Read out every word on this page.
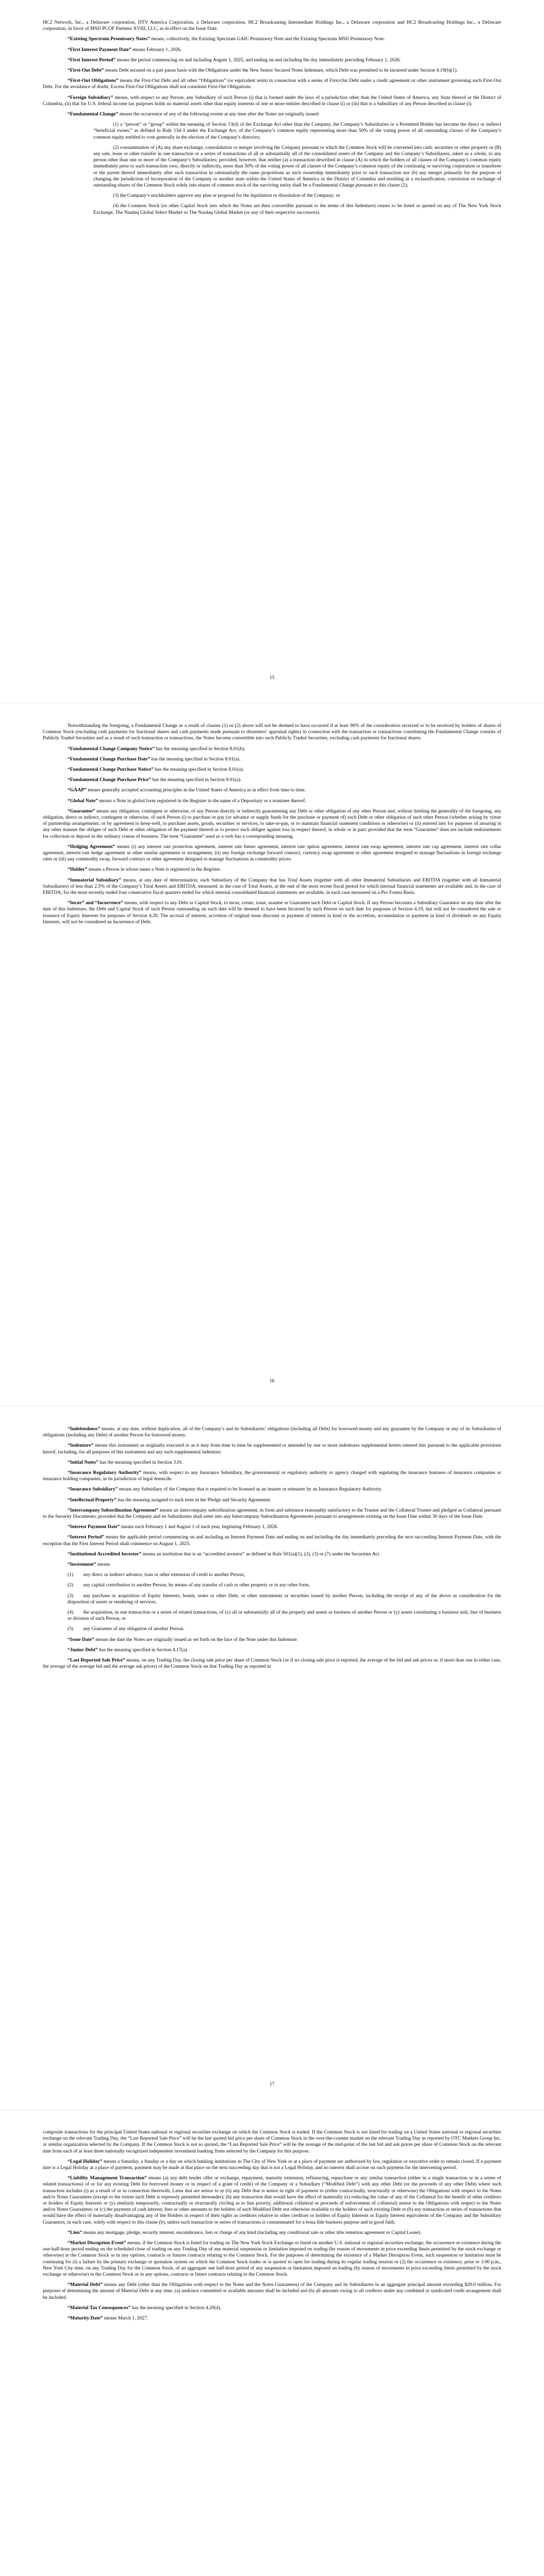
HC2 Network, Inc., a Delaware corporation, DTV America Corporation, a Delaware corporation, HC2 Broadcasting Intermediate Holdings Inc., a Delaware corporation and HC2 Broadcasting Holdings Inc., a Delaware corporation, in favor of MSD PCOF Partners XVIII, LLC, as in effect on the Issue Date.

“Existing Spectrum Promissory Notes” means, collectively, the Existing Spectrum GAIC Promissory Note and the Existing Spectrum MSD Promissory Note.

“First Interest Payment Date” means February 1, 2026.

“First Interest Period” means the period commencing on and including August 1, 2025, and ending on and including the day immediately preceding February 1, 2026.

“First-Out Debt” means Debt secured on a pari passu basis with the Obligations under the New Senior Secured Notes Indenture, which Debt was permitted to be incurred under Section 4.19(b)(1).

“First-Out Obligations” means the First-Out Debt and all other “Obligations” (or equivalent term) in connection with a series of First-Out Debt under a credit agreement or other instrument governing such First-Out Debt. For the avoidance of doubt, Excess First-Out Obligations shall not constitute First-Out Obligations.

“Foreign Subsidiary” means, with respect to any Person, any Subsidiary of such Person (i) that is formed under the laws of a jurisdiction other than the United States of America, any State thereof or the District of Columbia, (ii) that for U.S. federal income tax purposes holds no material assets other than equity interests of one or more entities described in clause (i) or (iii) that is a Subsidiary of any Person described in clause (i).

“Fundamental Change” means the occurrence of any of the following events at any time after the Notes are originally issued:

(1) a “person” or “group” within the meaning of Section 13(d) of the Exchange Act other than the Company, the Company’s Subsidiaries or a Permitted Holder has become the direct or indirect “beneficial owner,” as defined in Rule 13d-3 under the Exchange Act, of the Company’s common equity representing more than 50% of the voting power of all outstanding classes of the Company’s common equity entitled to vote generally in the election of the Company’s directors;

(2) consummation of (A) any share exchange, consolidation or merger involving the Company pursuant to which the Common Stock will be converted into cash, securities or other property or (B) any sale, lease or other transfer in one transaction or a series of transactions of all or substantially all of the consolidated assets of the Company and the Company’s Subsidiaries, taken as a whole, to any person other than one or more of the Company’s Subsidiaries; provided, however, that neither (a) a transaction described in clause (A) in which the holders of all classes of the Company’s common equity immediately prior to such transaction own, directly or indirectly, more than 50% of the voting power of all classes of the Company’s common equity of the continuing or surviving corporation or transferee or the parent thereof immediately after such transaction in substantially the same proportions as such ownership immediately prior to such transaction nor (b) any merger primarily for the purpose of changing the jurisdiction of incorporation of the Company to another state within the United States of America or the District of Columbia and resulting in a reclassification, conversion or exchange of outstanding shares of the Common Stock solely into shares of common stock of the surviving entity shall be a Fundamental Change pursuant to this clause (2);

(3) the Company’s stockholders approve any plan or proposal for the liquidation or dissolution of the Company; or

(4) the Common Stock (or other Capital Stock into which the Notes are then convertible pursuant to the terms of this Indenture) ceases to be listed or quoted on any of The New York Stock Exchange, The Nasdaq Global Select Market or The Nasdaq Global Market (or any of their respective successors).

15

Notwithstanding the foregoing, a Fundamental Change as a result of clauses (1) or (2) above will not be deemed to have occurred if at least 90% of the consideration received or to be received by holders of shares of Common Stock (excluding cash payments for fractional shares and cash payments made pursuant to dissenters’ appraisal rights) in connection with the transaction or transactions constituting the Fundamental Change consists of Publicly Traded Securities and as a result of such transaction or transactions, the Notes become convertible into such Publicly Traded Securities, excluding cash payments for fractional shares.

“Fundamental Change Company Notice” has the meaning specified in Section 8.01(b).

“Fundamental Change Purchase Date” has the meaning specified in Section 8.01(a).

“Fundamental Change Purchase Notice” has the meaning specified in Section 8.01(a).

“Fundamental Change Purchase Price” has the meaning specified in Section 8.01(a).

“GAAP” means generally accepted accounting principles in the United States of America as in effect from time to time.

“Global Note” means a Note in global form registered in the Register in the name of a Depositary or a nominee thereof.

“Guarantee” means any obligation, contingent or otherwise, of any Person directly or indirectly guaranteeing any Debt or other obligation of any other Person and, without limiting the generality of the foregoing, any obligation, direct or indirect, contingent or otherwise, of such Person (i) to purchase or pay (or advance or supply funds for the purchase or payment of) such Debt or other obligation of such other Person (whether arising by virtue of partnership arrangements, or by agreement to keep-well, to purchase assets, goods, securities or services, to take-or-pay, or to maintain financial statement conditions or otherwise) or (ii) entered into for purposes of assuring in any other manner the obligee of such Debt or other obligation of the payment thereof or to protect such obligee against loss in respect thereof, in whole or in part; provided that the term “Guarantee” does not include endorsements for collection or deposit in the ordinary course of business. The term “Guarantee” used as a verb has a corresponding meaning.

“Hedging Agreement” means (i) any interest rate protection agreement, interest rate future agreement, interest rate option agreement, interest rate swap agreement, interest rate cap agreement, interest rate collar agreement, interest rate hedge agreement or other similar agreement or arrangement, (ii) any foreign exchange forward contract, currency swap agreement or other agreement designed to manage fluctuations in foreign exchange rates or (iii) any commodity swap, forward contract or other agreement designed to manage fluctuations in commodity prices.

“Holder” means a Person in whose name a Note is registered in the Register.

“Immaterial Subsidiary” means, at any date of determination, each Subsidiary of the Company that has Total Assets (together with all other Immaterial Subsidiaries and EBITDA (together with all Immaterial Subsidiaries) of less than 2.5% of the Company’s Total Assets and EBITDA, measured, in the case of Total Assets, at the end of the most recent fiscal period for which internal financial statements are available and, in the case of EBITDA, for the most recently ended four consecutive fiscal quarters ended for which internal consolidated financial statements are available, in each case measured on a Pro Forma Basis.

“Incur” and “Incurrence” means, with respect to any Debt or Capital Stock, to incur, create, issue, assume or Guarantee such Debt or Capital Stock. If any Person becomes a Subsidiary Guarantor on any date after the date of this Indenture, the Debt and Capital Stock of such Person outstanding on such date will be deemed to have been Incurred by such Person on such date for purposes of Section 4.19, but will not be considered the sale or issuance of Equity Interests for purposes of Section 4.20. The accrual of interest, accretion of original issue discount or payment of interest in kind or the accretion, accumulation or payment in kind of dividends on any Equity Interests, will not be considered an Incurrence of Debt.

16

“Indebtedness” means, at any date, without duplication, all of the Company’s and its Subsidiaries’ obligations (including all Debt) for borrowed money and any guarantee by the Company or any of its Subsidiaries of obligations (including any Debt) of another Person for borrowed money.

“Indenture” means this instrument as originally executed or as it may from time to time be supplemented or amended by one or more indentures supplemental hereto entered into pursuant to the applicable provisions hereof, including, for all purposes of this instrument and any such supplemental indenture.

“Initial Notes” has the meaning specified in Section 3.01.

“Insurance Regulatory Authority” means, with respect to any Insurance Subsidiary, the governmental or regulatory authority or agency charged with regulating the insurance business of insurance companies or insurance holding companies, in its jurisdiction of legal domicile.

“Insurance Subsidiary” means any Subsidiary of the Company that is required to be licensed as an insurer or reinsurer by an Insurance Regulatory Authority.

“Intellectual Property” has the meaning assigned to such term in the Pledge and Security Agreement.

“Intercompany Subordination Agreement” means an intercompany subordination agreement, in form and substance reasonably satisfactory to the Trustee and the Collateral Trustee and pledged as Collateral pursuant to the Security Documents; provided that the Company and its Subsidiaries shall enter into any Intercompany Subordination Agreements pursuant to arrangements existing on the Issue Date within 30 days of the Issue Date.

“Interest Payment Date” means each February 1 and August 1 of each year, beginning February 1, 2026.

“Interest Period” means the applicable period commencing on and including an Interest Payment Date and ending on and including the day immediately preceding the next succeeding Interest Payment Date, with the exception that the First Interest Period shall commence on August 1, 2025.

“Institutional Accredited Investor” means an institution that is an “accredited investor” as defined in Rule 501(a)(1), (2), (3) or (7) under the Securities Act.

“Investment” means

(1)  any direct or indirect advance, loan or other extension of credit to another Person,

(2)  any capital contribution to another Person, by means of any transfer of cash or other property or in any other form,

(3)  any purchase or acquisition of Equity Interests, bonds, notes or other Debt, or other instruments or securities issued by another Person, including the receipt of any of the above as consideration for the disposition of assets or rendering of services,

(4)  the acquisition, in one transaction or a series of related transactions, of (x) all or substantially all of the property and assets or business of another Person or (y) assets constituting a business unit, line of business or division of such Person, or

(5)  any Guarantee of any obligation of another Person.

“Issue Date” means the date the Notes are originally issued as set forth on the face of the Note under this Indenture.

“Junior Debt” has the meaning specified in Section 4.17(a).

“Last Reported Sale Price” means, on any Trading Day, the closing sale price per share of Common Stock (or if no closing sale price is reported, the average of the bid and ask prices or, if more than one in either case, the average of the average bid and the average ask prices) of the Common Stock on that Trading Day as reported in

17

composite transactions for the principal United States national or regional securities exchange on which the Common Stock is traded. If the Common Stock is not listed for trading on a United States national or regional securities exchange on the relevant Trading Day, the “Last Reported Sale Price” will be the last quoted bid price per share of Common Stock in the over-the-counter market on the relevant Trading Day as reported by OTC Markets Group Inc. or similar organization selected by the Company. If the Common Stock is not so quoted, the “Last Reported Sale Price” will be the average of the mid-point of the last bid and ask prices per share of Common Stock on the relevant date from each of at least three nationally recognized independent investment banking firms selected by the Company for this purpose.

“Legal Holiday” means a Saturday, a Sunday or a day on which banking institutions in The City of New York or at a place of payment are authorized by law, regulation or executive order to remain closed. If a payment date is a Legal Holiday at a place of payment, payment may be made at that place on the next succeeding day that is not a Legal Holiday, and no interest shall accrue on such payment for the intervening period.

“Liability Management Transaction” means (a) any debt tender offer or exchange, repayment, maturity extension, refinancing, repurchase or any similar transaction (either in a single transaction or in a series of related transactions) of or for any existing Debt for borrowed money or in respect of a grant of credit) of the Company or a Subsidiary (“Modified Debt”) with any other Debt (or the proceeds of any other Debt) where such transaction includes (i) as a result of or in connection therewith, Liens that are senior to or (ii) any Debt that is senior in right of payment to (either contractually, structurally or otherwise) the Obligations with respect to the Notes and/or Notes Guarantees (except to the extent such Debt is expressly permitted hereunder); (b) any transaction that would have the effect of materially (x) reducing the value of any of the Collateral for the benefit of other creditors or holders of Equity Interests or (y) similarly temporarily, contractually or structurally circling as to lien priority, additional collateral or proceeds of enforcement of collateral) senior to the Obligations with respect to the Notes and/or Notes Guarantees; or (c) the payment of cash interest, fees or other amounts to the holders of such Modified Debt not otherwise available to the holders of such existing Debt or (b) any transaction or series of transactions that would have the effect of materially disadvantaging any of the Holders in respect of their rights as creditors relative to other creditors or holders of Equity Interests or Equity Interest equivalents of the Company and the Subsidiary Guarantors, in each case, solely with respect to this clause (b), unless such transaction or series of transactions is consummated for a bona fide business purpose and in good faith.

“Lien” means any mortgage, pledge, security interest, encumbrance, lien or charge of any kind (including any conditional sale or other title retention agreement or Capital Lease).

“Market Disruption Event” means, if the Common Stock is listed for trading on The New York Stock Exchange or listed on another U.S. national or regional securities exchange, the occurrence or existence during the one-half-hour period ending on the scheduled close of trading on any Trading Day of any material suspension or limitation imposed on trading (by reason of movements in price exceeding limits permitted by the stock exchange or otherwise) in the Common Stock or in any options, contracts or futures contracts relating to the Common Stock. For the purposes of determining the existence of a Market Disruption Event, such suspension or limitation must be continuing for (i) a failure by the primary exchange or quotation system on which the Common Stock trades or is quoted to open for trading during its regular trading session or (2) the occurrence or existence, prior to 1:00 p.m., New York City time, on any Trading Day for the Common Stock, of an aggregate one half-hour period of any suspension or limitation imposed on trading (by reason of movements in price exceeding limits permitted by the stock exchange or otherwise) in the Common Stock or in any options, contracts or future contracts relating to the Common Stock.

“Material Debt” means any Debt (other than the Obligations with respect to the Notes and the Notes Guarantees) of the Company and its Subsidiaries in an aggregate principal amount exceeding $20.0 million. For purposes of determining the amount of Material Debt at any time, (a) undrawn committed or available amounts shall be included and (b) all amounts owing to all creditors under any combined or syndicated credit arrangement shall be included.

“Material Tax Consequences” has the meaning specified in Section 4.29(d).

“Maturity Date” means March 1, 2027.
